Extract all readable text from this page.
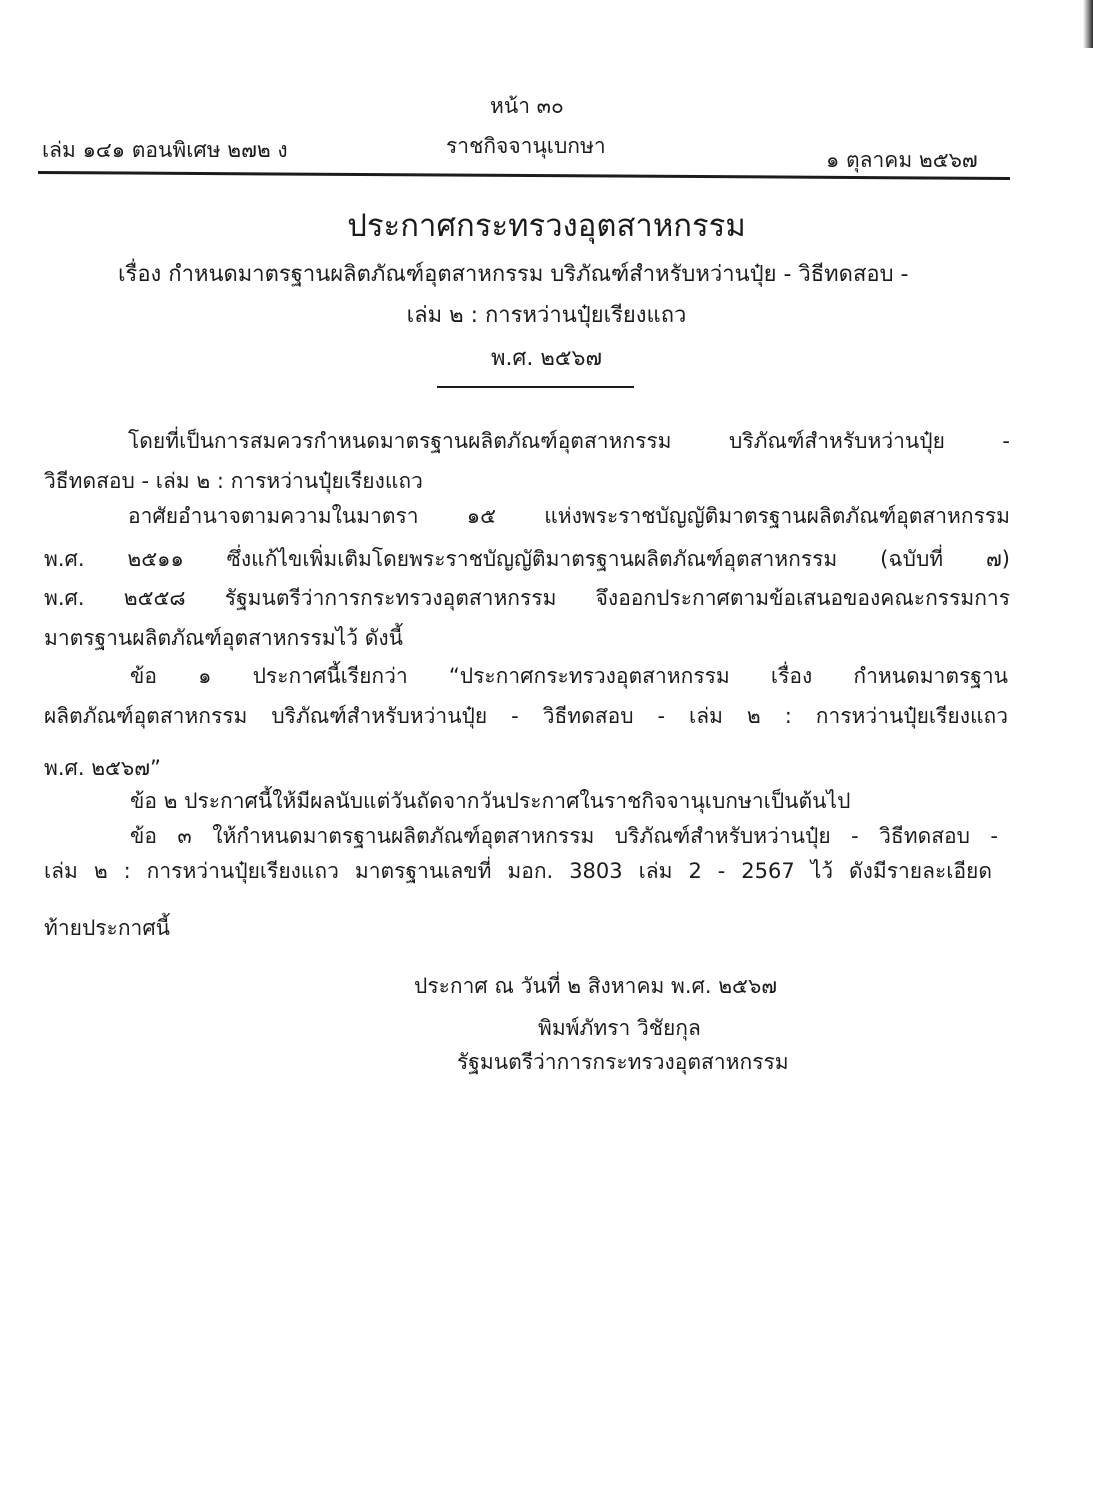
หน้า ๓๐
เล่ม ๑๔๑ ตอนพิเศษ ๒๗๒ ง	ราชกิจจานุเบกษา
๑ ตุลาคม ๒๕๖๗
ประกาศกระทรวงอุตสาหกรรม
เรื่อง กำหนดมาตรฐานผลิตภัณฑ์อุตสาหกรรม บริภัณฑ์สำหรับหว่านปุ๋ย - วิธีทดสอบ -
เล่ม ๒ : การหว่านปุ๋ยเรียงแถว
พ.ศ. ๒๕๖๗
โดยที่เป็นการสมควรกำหนดมาตรฐานผลิตภัณฑ์อุตสาหกรรม บริภัณฑ์สำหรับหว่านปุ๋ย -
วิธีทดสอบ - เล่ม ๒ : การหว่านปุ๋ยเรียงแถว
อาศัยอำนาจตามความในมาตรา ๑๕ แห่งพระราชบัญญัติมาตรฐานผลิตภัณฑ์อุตสาหกรรม
พ.ศ. ๒๕๑๑ ซึ่งแก้ไขเพิ่มเติมโดยพระราชบัญญัติมาตรฐานผลิตภัณฑ์อุตสาหกรรม (ฉบับที่ ๗)
พ.ศ. ๒๕๕๘ รัฐมนตรีว่าการกระทรวงอุตสาหกรรม จึงออกประกาศตามข้อเสนอของคณะกรรมการ
มาตรฐานผลิตภัณฑ์อุตสาหกรรมไว้ ดังนี้
ข้อ ๑ ประกาศนี้เรียกว่า “ประกาศกระทรวงอุตสาหกรรม เรื่อง กำหนดมาตรฐาน
ผลิตภัณฑ์อุตสาหกรรม บริภัณฑ์สำหรับหว่านปุ๋ย - วิธีทดสอบ - เล่ม ๒ : การหว่านปุ๋ยเรียงแถว
พ.ศ. ๒๕๖๗”
ข้อ ๒ ประกาศนี้ให้มีผลนับแต่วันถัดจากวันประกาศในราชกิจจานุเบกษาเป็นต้นไป
ข้อ ๓ ให้กำหนดมาตรฐานผลิตภัณฑ์อุตสาหกรรม บริภัณฑ์สำหรับหว่านปุ๋ย - วิธีทดสอบ -
เล่ม ๒ : การหว่านปุ๋ยเรียงแถว มาตรฐานเลขที่ มอก. 3803 เล่ม 2 - 2567 ไว้ ดังมีรายละเอียด
ท้ายประกาศนี้
ประกาศ ณ วันที่ ๒ สิงหาคม พ.ศ. ๒๕๖๗
พิมพ์ภัทรา วิชัยกุล
รัฐมนตรีว่าการกระทรวงอุตสาหกรรม
